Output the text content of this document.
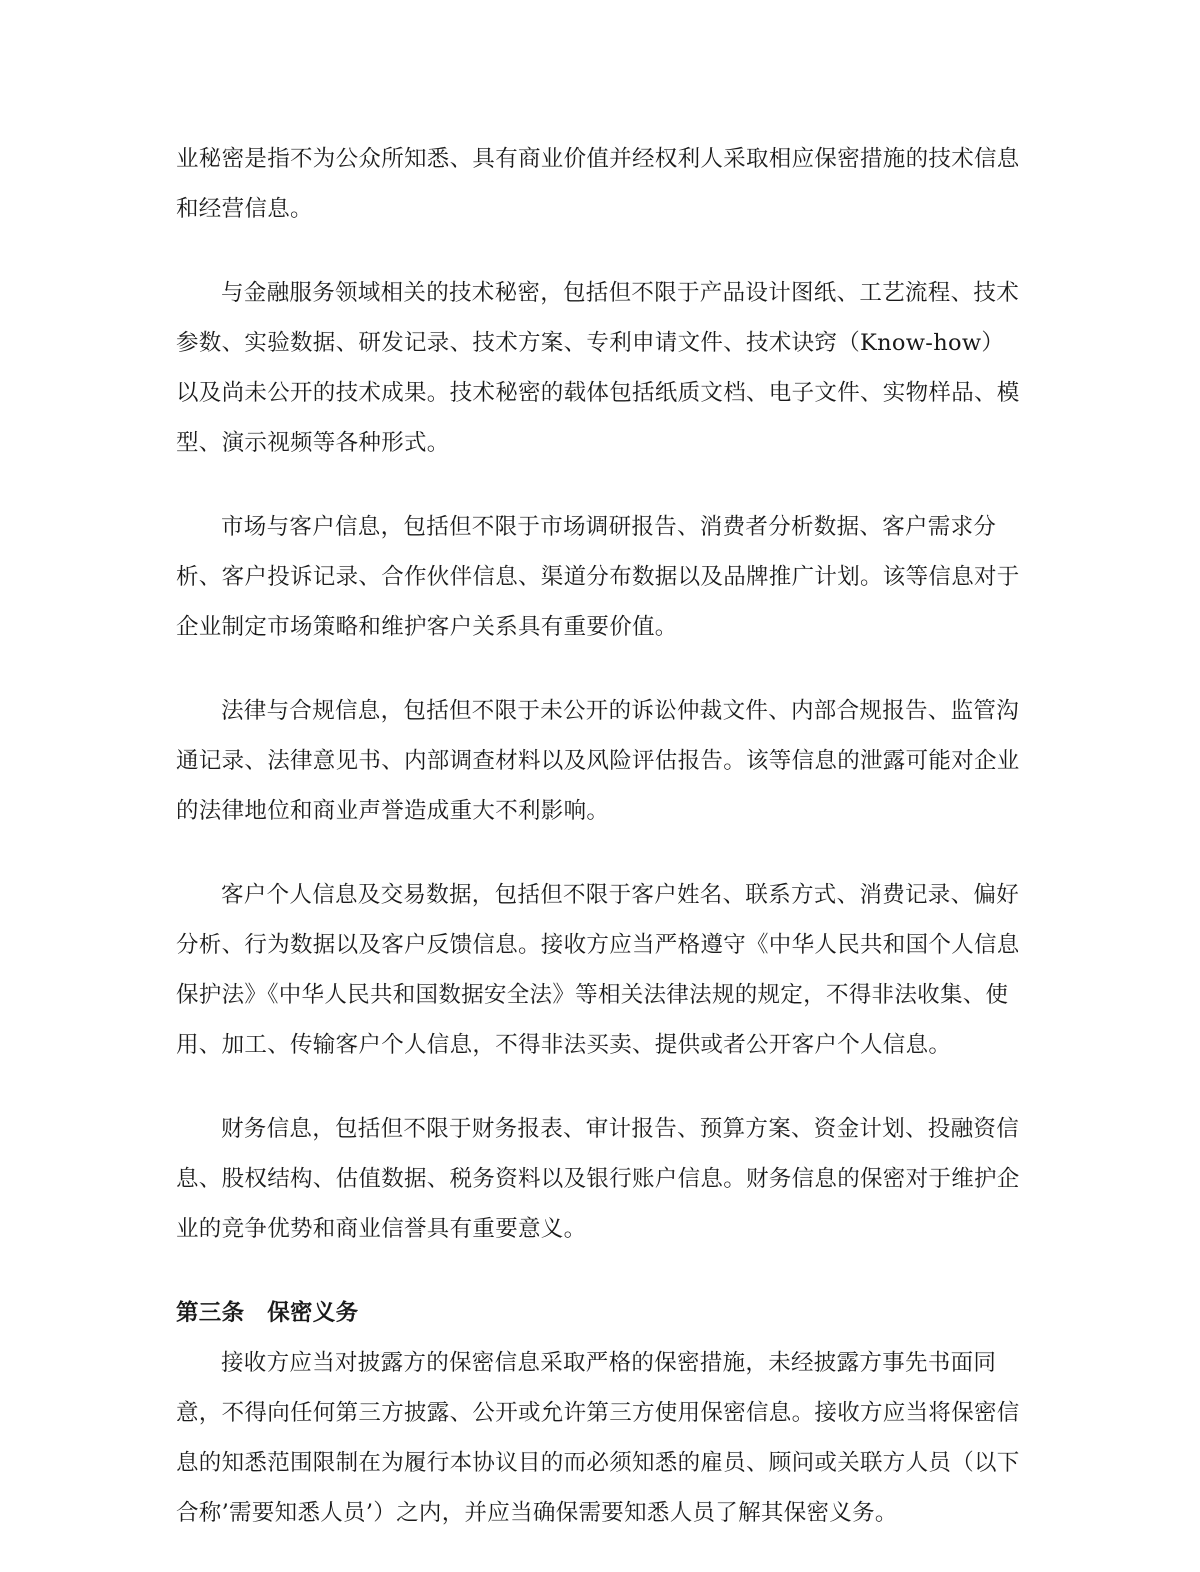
业秘密是指不为公众所知悉、具有商业价值并经权利人采取相应保密措施的技术信息和经营信息。

与金融服务领域相关的技术秘密，包括但不限于产品设计图纸、工艺流程、技术参数、实验数据、研发记录、技术方案、专利申请文件、技术诀窍（Know-how）以及尚未公开的技术成果。技术秘密的载体包括纸质文档、电子文件、实物样品、模型、演示视频等各种形式。

市场与客户信息，包括但不限于市场调研报告、消费者分析数据、客户需求分析、客户投诉记录、合作伙伴信息、渠道分布数据以及品牌推广计划。该等信息对于企业制定市场策略和维护客户关系具有重要价值。

法律与合规信息，包括但不限于未公开的诉讼仲裁文件、内部合规报告、监管沟通记录、法律意见书、内部调查材料以及风险评估报告。该等信息的泄露可能对企业的法律地位和商业声誉造成重大不利影响。

客户个人信息及交易数据，包括但不限于客户姓名、联系方式、消费记录、偏好分析、行为数据以及客户反馈信息。接收方应当严格遵守《中华人民共和国个人信息保护法》《中华人民共和国数据安全法》等相关法律法规的规定，不得非法收集、使用、加工、传输客户个人信息，不得非法买卖、提供或者公开客户个人信息。

财务信息，包括但不限于财务报表、审计报告、预算方案、资金计划、投融资信息、股权结构、估值数据、税务资料以及银行账户信息。财务信息的保密对于维护企业的竞争优势和商业信誉具有重要意义。

第三条　保密义务

接收方应当对披露方的保密信息采取严格的保密措施，未经披露方事先书面同意，不得向任何第三方披露、公开或允许第三方使用保密信息。接收方应当将保密信息的知悉范围限制在为履行本协议目的而必须知悉的雇员、顾问或关联方人员（以下合称’需要知悉人员’）之内，并应当确保需要知悉人员了解其保密义务。
